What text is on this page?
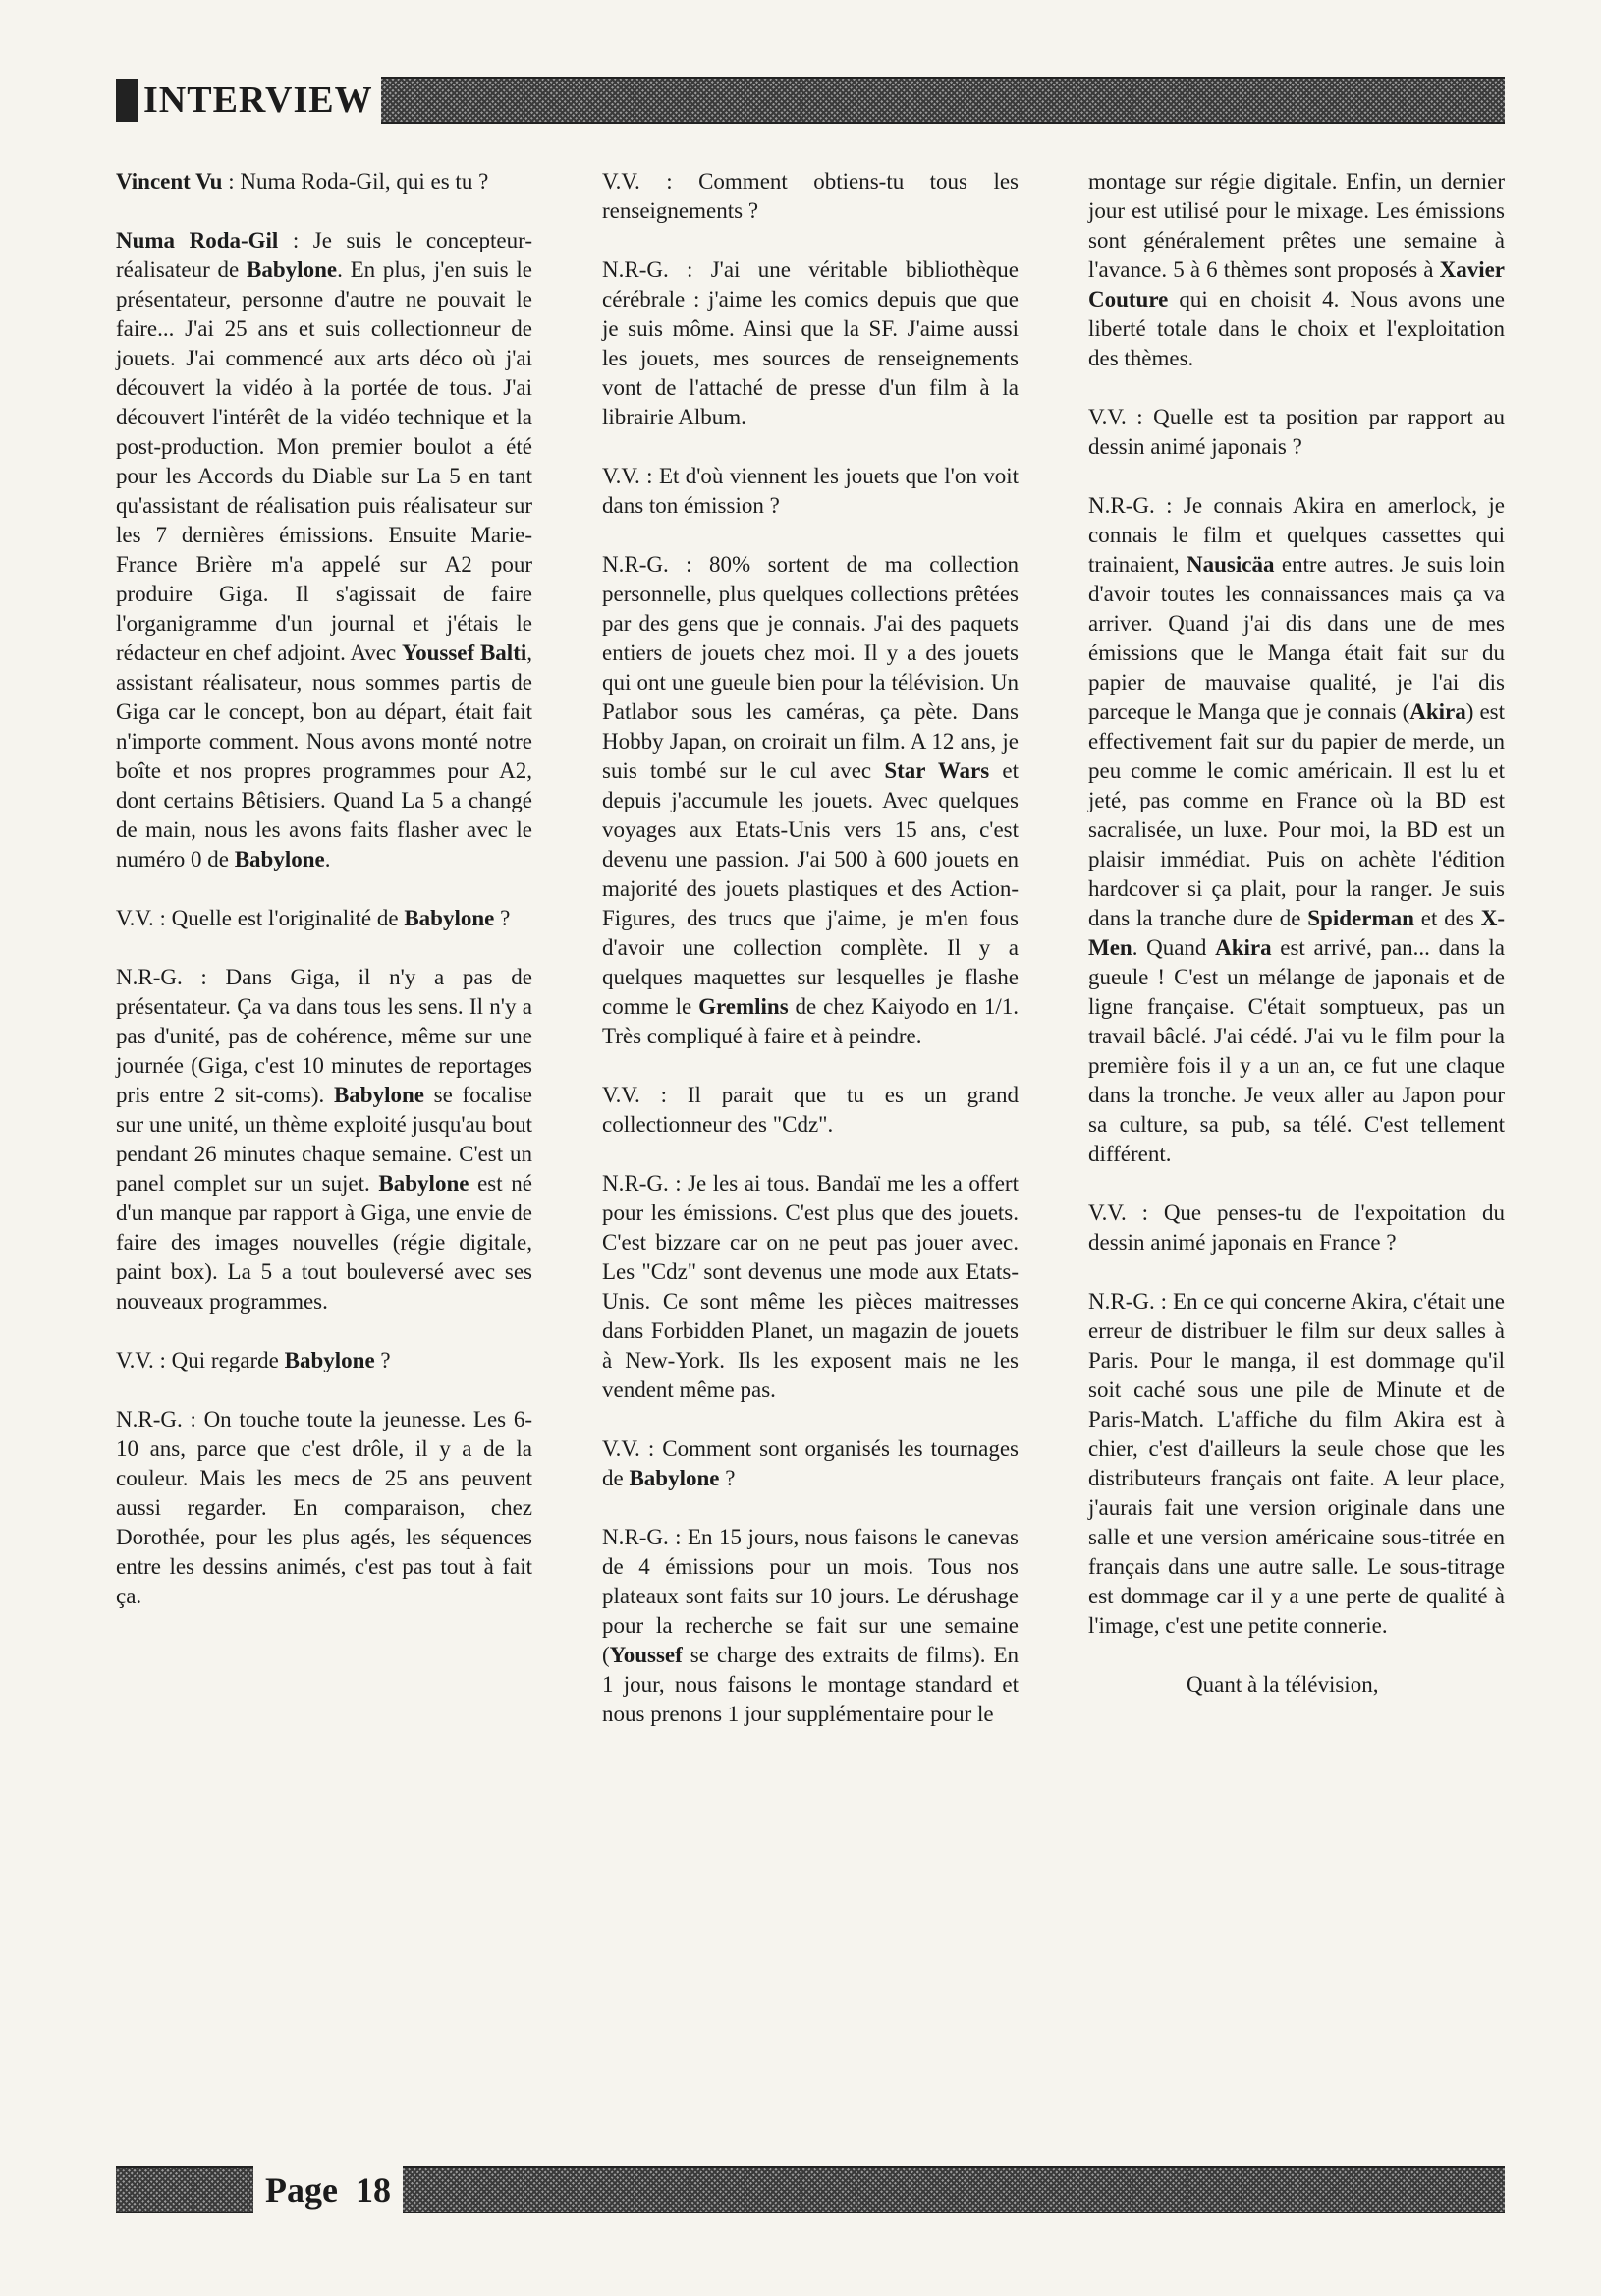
INTERVIEW

Vincent Vu : Numa Roda-Gil, qui es tu ?

Numa Roda-Gil : Je suis le concepteur-réalisateur de Babylone. En plus, j'en suis le présentateur, personne d'autre ne pouvait le faire... J'ai 25 ans et suis collectionneur de jouets. J'ai commencé aux arts déco où j'ai découvert la vidéo à la portée de tous. J'ai découvert l'intérêt de la vidéo technique et la post-production. Mon premier boulot a été pour les Accords du Diable sur La 5 en tant qu'assistant de réalisation puis réalisateur sur les 7 dernières émissions. Ensuite Marie-France Brière m'a appelé sur A2 pour produire Giga. Il s'agissait de faire l'organigramme d'un journal et j'étais le rédacteur en chef adjoint. Avec Youssef Balti, assistant réalisateur, nous sommes partis de Giga car le concept, bon au départ, était fait n'importe comment. Nous avons monté notre boîte et nos propres programmes pour A2, dont certains Bêtisiers. Quand La 5 a changé de main, nous les avons faits flasher avec le numéro 0 de Babylone.

V.V. : Quelle est l'originalité de Babylone ?

N.R-G. : Dans Giga, il n'y a pas de présentateur. Ça va dans tous les sens. Il n'y a pas d'unité, pas de cohérence, même sur une journée (Giga, c'est 10 minutes de reportages pris entre 2 sit-coms). Babylone se focalise sur une unité, un thème exploité jusqu'au bout pendant 26 minutes chaque semaine. C'est un panel complet sur un sujet. Babylone est né d'un manque par rapport à Giga, une envie de faire des images nouvelles (régie digitale, paint box). La 5 a tout bouleversé avec ses nouveaux programmes.

V.V. : Qui regarde Babylone ?

N.R-G. : On touche toute la jeunesse. Les 6-10 ans, parce que c'est drôle, il y a de la couleur. Mais les mecs de 25 ans peuvent aussi regarder. En comparaison, chez Dorothée, pour les plus agés, les séquences entre les dessins animés, c'est pas tout à fait ça.

V.V. : Comment obtiens-tu tous les renseignements ?

N.R-G. : J'ai une véritable bibliothèque cérébrale : j'aime les comics depuis que que je suis môme. Ainsi que la SF. J'aime aussi les jouets, mes sources de renseignements vont de l'attaché de presse d'un film à la librairie Album.

V.V. : Et d'où viennent les jouets que l'on voit dans ton émission ?

N.R-G. : 80% sortent de ma collection personnelle, plus quelques collections prêtées par des gens que je connais. J'ai des paquets entiers de jouets chez moi. Il y a des jouets qui ont une gueule bien pour la télévision. Un Patlabor sous les caméras, ça pète. Dans Hobby Japan, on croirait un film. A 12 ans, je suis tombé sur le cul avec Star Wars et depuis j'accumule les jouets. Avec quelques voyages aux Etats-Unis vers 15 ans, c'est devenu une passion. J'ai 500 à 600 jouets en majorité des jouets plastiques et des Action-Figures, des trucs que j'aime, je m'en fous d'avoir une collection complète. Il y a quelques maquettes sur lesquelles je flashe comme le Gremlins de chez Kaiyodo en 1/1. Très compliqué à faire et à peindre.

V.V. : Il parait que tu es un grand collectionneur des "Cdz".

N.R-G. : Je les ai tous. Bandaï me les a offert pour les émissions. C'est plus que des jouets. C'est bizzare car on ne peut pas jouer avec. Les "Cdz" sont devenus une mode aux Etats-Unis. Ce sont même les pièces maitresses dans Forbidden Planet, un magazin de jouets à New-York. Ils les exposent mais ne les vendent même pas.

V.V. : Comment sont organisés les tournages de Babylone ?

N.R-G. : En 15 jours, nous faisons le canevas de 4 émissions pour un mois. Tous nos plateaux sont faits sur 10 jours. Le dérushage pour la recherche se fait sur une semaine (Youssef se charge des extraits de films). En 1 jour, nous faisons le montage standard et nous prenons 1 jour supplémentaire pour le

montage sur régie digitale. Enfin, un dernier jour est utilisé pour le mixage. Les émissions sont généralement prêtes une semaine à l'avance. 5 à 6 thèmes sont proposés à Xavier Couture qui en choisit 4. Nous avons une liberté totale dans le choix et l'exploitation des thèmes.

V.V. : Quelle est ta position par rapport au dessin animé japonais ?

N.R-G. : Je connais Akira en amerlock, je connais le film et quelques cassettes qui trainaient, Nausicäa entre autres. Je suis loin d'avoir toutes les connaissances mais ça va arriver. Quand j'ai dis dans une de mes émissions que le Manga était fait sur du papier de mauvaise qualité, je l'ai dis parceque le Manga que je connais (Akira) est effectivement fait sur du papier de merde, un peu comme le comic américain. Il est lu et jeté, pas comme en France où la BD est sacralisée, un luxe. Pour moi, la BD est un plaisir immédiat. Puis on achète l'édition hardcover si ça plait, pour la ranger. Je suis dans la tranche dure de Spiderman et des X-Men. Quand Akira est arrivé, pan... dans la gueule ! C'est un mélange de japonais et de ligne française. C'était somptueux, pas un travail bâclé. J'ai cédé. J'ai vu le film pour la première fois il y a un an, ce fut une claque dans la tronche. Je veux aller au Japon pour sa culture, sa pub, sa télé. C'est tellement différent.

V.V. : Que penses-tu de l'expoitation du dessin animé japonais en France ?

N.R-G. : En ce qui concerne Akira, c'était une erreur de distribuer le film sur deux salles à Paris. Pour le manga, il est dommage qu'il soit caché sous une pile de Minute et de Paris-Match. L'affiche du film Akira est à chier, c'est d'ailleurs la seule chose que les distributeurs français ont faite. A leur place, j'aurais fait une version originale dans une salle et une version américaine sous-titrée en français dans une autre salle. Le sous-titrage est dommage car il y a une perte de qualité à l'image, c'est une petite connerie.

Quant à la télévision,

Page 18
